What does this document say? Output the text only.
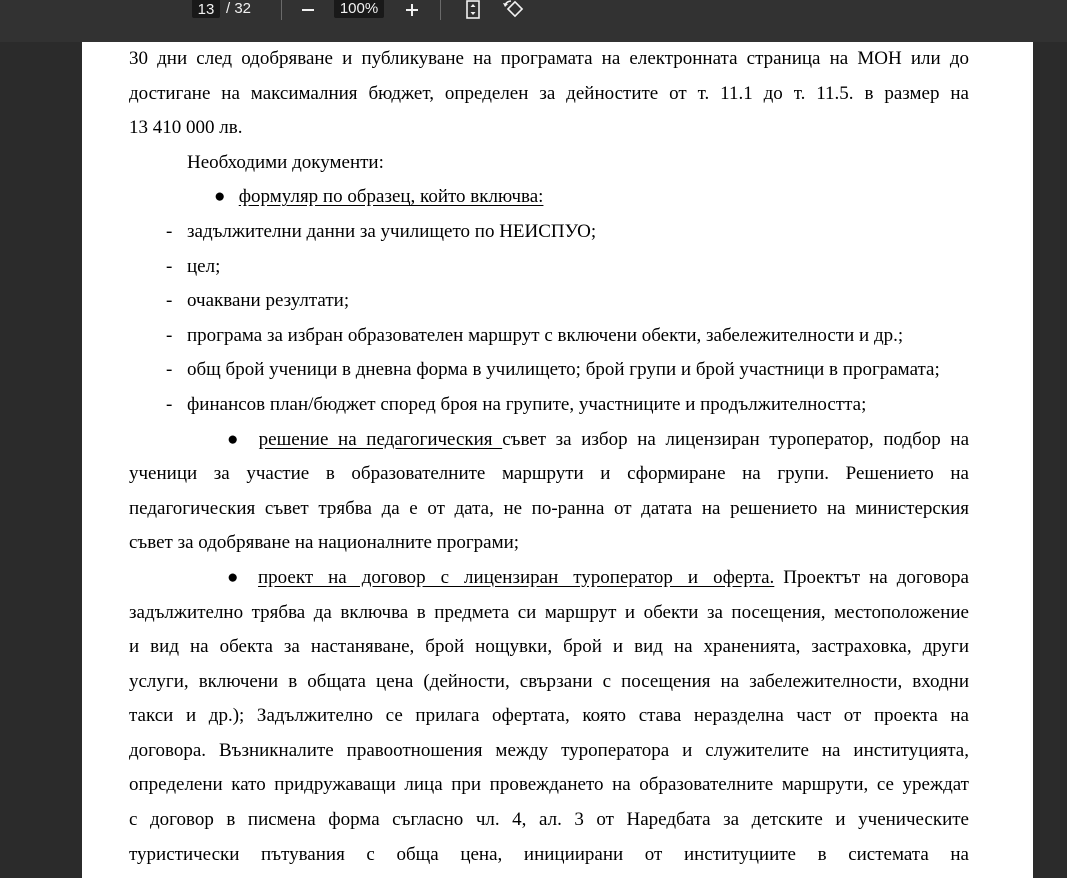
13
/ 32	100%
30 дни след одобряване и публикуване на програмата на електронната страница на МОН или до
достигане на максималния бюджет, определен за дейностите от т. 11.1 до т. 11.5. в размер на
13 410 000 лв.
Необходими документи:
● формуляр по образец, който включва:
- задължителни данни за училището по НЕИСПУО;
- цел;
- очаквани резултати;
- програма за избран образователен маршрут с включени обекти, забележителности и др.;
- общ брой ученици в дневна форма в училището; брой групи и брой участници в програмата;
- финансов план/бюджет според броя на групите, участниците и продължителността;
● решение на педагогическия съвет за избор на лицензиран туроператор, подбор на
ученици за участие в образователните маршрути и сформиране на групи. Решението на
педагогическия съвет трябва да е от дата, не по-ранна от датата на решението на министерския
съвет за одобряване на националните програми;
● проект на договор с лицензиран туроператор и оферта. Проектът на договора
задължително трябва да включва в предмета си маршрут и обекти за посещения, местоположение
и вид на обекта за настаняване, брой нощувки, брой и вид на храненията, застраховка, други
услуги, включени в общата цена (дейности, свързани с посещения на забележителности, входни
такси и др.); Задължително се прилага офертата, която става неразделна част от проекта на
договора. Възникналите правоотношения между туроператора и служителите на институцията,
определени като придружаващи лица при провеждането на образователните маршрути, се уреждат
с договор в писмена форма съгласно чл. 4, ал. 3 от Наредбата за детските и ученическите
туристически пътувания с обща цена, инициирани от институциите в системата на
